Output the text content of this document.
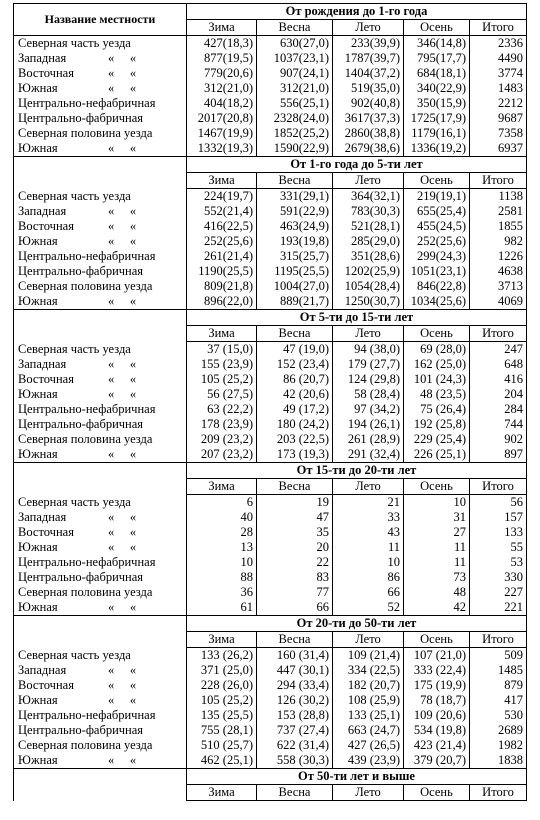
Название местности	От рождения до 1-го года				
	Зима	Весна	Лето	Осень	Итого
Северная часть уезда	427(18,3)	630(27,0)	233(39,9)	346(14,8)	2336
Западная «     «	877(19,5)	1037(23,1)	1787(39,7)	795(17,7)	4490
Восточная «     «	779(20,6)	907(24,1)	1404(37,2)	684(18,1)	3774
Южная «     «	312(21,0)	312(21,0)	519(35,0)	340(22,9)	1483
Центрально-нефабричная	404(18,2)	556(25,1)	902(40,8)	350(15,9)	2212
Центрально-фабричная	2017(20,8)	2328(24,0)	3617(37,3)	1725(17,9)	9687
Северная половина уезда	1467(19,9)	1852(25,2)	2860(38,8)	1179(16,1)	7358
Южная «     «	1332(19,3)	1590(22,9)	2679(38,6)	1336(19,2)	6937
	От 1-го года до 5-ти лет				
	Зима	Весна	Лето	Осень	Итого
Северная часть уезда	224(19,7)	331(29,1)	364(32,1)	219(19,1)	1138
Западная «     «	552(21,4)	591(22,9)	783(30,3)	655(25,4)	2581
Восточная «     «	416(22,5)	463(24,9)	521(28,1)	455(24,5)	1855
Южная «     «	252(25,6)	193(19,8)	285(29,0)	252(25,6)	982
Центрально-нефабричная	261(21,4)	315(25,7)	351(28,6)	299(24,3)	1226
Центрально-фабричная	1190(25,5)	1195(25,5)	1202(25,9)	1051(23,1)	4638
Северная половина уезда	809(21,8)	1004(27,0)	1054(28,4)	846(22,8)	3713
Южная «     «	896(22,0)	889(21,7)	1250(30,7)	1034(25,6)	4069
	От 5-ти до 15-ти лет				
	Зима	Весна	Лето	Осень	Итого
Северная часть уезда	37 (15,0)	47 (19,0)	94 (38,0)	69 (28,0)	247
Западная «     «	155 (23,9)	152 (23,4)	179 (27,7)	162 (25,0)	648
Восточная «     «	105 (25,2)	86 (20,7)	124 (29,8)	101 (24,3)	416
Южная «     «	56 (27,5)	42 (20,6)	58 (28,4)	48 (23,5)	204
Центрально-нефабричная	63 (22,2)	49 (17,2)	97 (34,2)	75 (26,4)	284
Центрально-фабричная	178 (23,9)	180 (24,2)	194 (26,1)	192 (25,8)	744
Северная половина уезда	209 (23,2)	203 (22,5)	261 (28,9)	229 (25,4)	902
Южная «     «	207 (23,2)	173 (19,3)	291 (32,4)	226 (25,1)	897
	От 15-ти до 20-ти лет				
	Зима	Весна	Лето	Осень	Итого
Северная часть уезда	6	19	21	10	56
Западная «     «	40	47	33	31	157
Восточная «     «	28	35	43	27	133
Южная «     «	13	20	11	11	55
Центрально-нефабричная	10	22	10	11	53
Центрально-фабричная	88	83	86	73	330
Северная половина уезда	36	77	66	48	227
Южная «     «	61	66	52	42	221
	От 20-ти до 50-ти лет				
	Зима	Весна	Лето	Осень	Итого
Северная часть уезда	133 (26,2)	160 (31,4)	109 (21,4)	107 (21,0)	509
Западная «     «	371 (25,0)	447 (30,1)	334 (22,5)	333 (22,4)	1485
Восточная «     «	228 (26,0)	294 (33,4)	182 (20,7)	175 (19,9)	879
Южная «     «	105 (25,2)	126 (30,2)	108 (25,9)	78 (18,7)	417
Центрально-нефабричная	135 (25,5)	153 (28,8)	133 (25,1)	109 (20,6)	530
Центрально-фабричная	755 (28,1)	737 (27,4)	663 (24,7)	534 (19,8)	2689
Северная половина уезда	510 (25,7)	622 (31,4)	427 (26,5)	423 (21,4)	1982
Южная «     «	462 (25,1)	558 (30,3)	439 (23,9)	379 (20,7)	1838
	От 50-ти лет и выше				
	Зима	Весна	Лето	Осень	Итого
